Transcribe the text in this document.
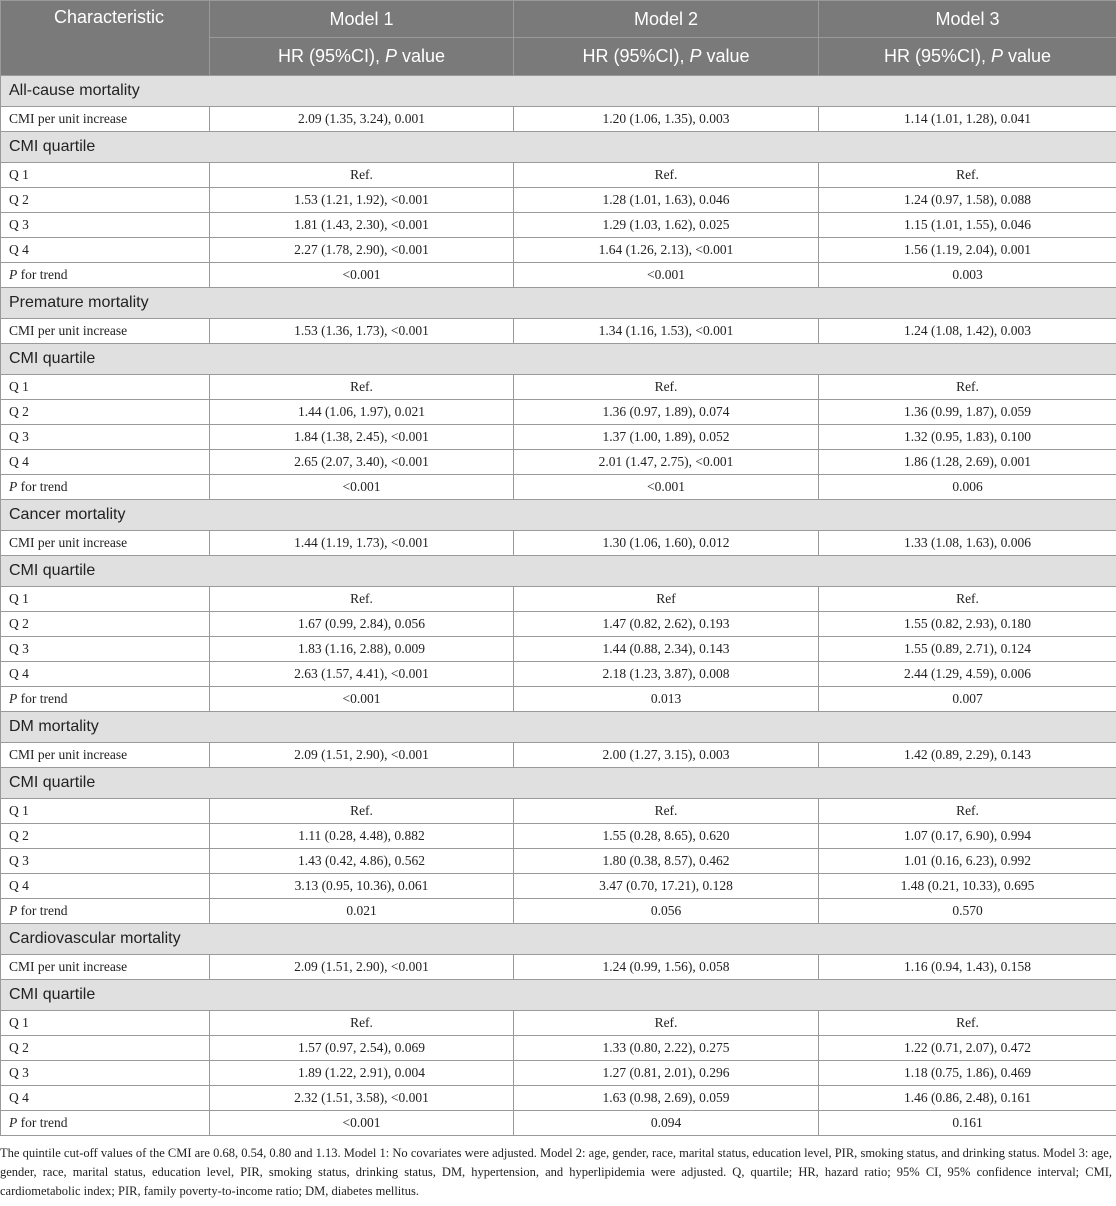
Characteristic	Model 1	Model 2	Model 3
	HR (95%CI), P value	HR (95%CI), P value	HR (95%CI), P value
All-cause mortality			
CMI per unit increase	2.09 (1.35, 3.24), 0.001	1.20 (1.06, 1.35), 0.003	1.14 (1.01, 1.28), 0.041
CMI quartile			
Q 1	Ref.	Ref.	Ref.
Q 2	1.53 (1.21, 1.92), <0.001	1.28 (1.01, 1.63), 0.046	1.24 (0.97, 1.58), 0.088
Q 3	1.81 (1.43, 2.30), <0.001	1.29 (1.03, 1.62), 0.025	1.15 (1.01, 1.55), 0.046
Q 4	2.27 (1.78, 2.90), <0.001	1.64 (1.26, 2.13), <0.001	1.56 (1.19, 2.04), 0.001
P for trend	<0.001	<0.001	0.003
Premature mortality			
CMI per unit increase	1.53 (1.36, 1.73), <0.001	1.34 (1.16, 1.53), <0.001	1.24 (1.08, 1.42), 0.003
CMI quartile			
Q 1	Ref.	Ref.	Ref.
Q 2	1.44 (1.06, 1.97), 0.021	1.36 (0.97, 1.89), 0.074	1.36 (0.99, 1.87), 0.059
Q 3	1.84 (1.38, 2.45), <0.001	1.37 (1.00, 1.89), 0.052	1.32 (0.95, 1.83), 0.100
Q 4	2.65 (2.07, 3.40), <0.001	2.01 (1.47, 2.75), <0.001	1.86 (1.28, 2.69), 0.001
P for trend	<0.001	<0.001	0.006
Cancer mortality			
CMI per unit increase	1.44 (1.19, 1.73), <0.001	1.30 (1.06, 1.60), 0.012	1.33 (1.08, 1.63), 0.006
CMI quartile			
Q 1	Ref.	Ref	Ref.
Q 2	1.67 (0.99, 2.84), 0.056	1.47 (0.82, 2.62), 0.193	1.55 (0.82, 2.93), 0.180
Q 3	1.83 (1.16, 2.88), 0.009	1.44 (0.88, 2.34), 0.143	1.55 (0.89, 2.71), 0.124
Q 4	2.63 (1.57, 4.41), <0.001	2.18 (1.23, 3.87), 0.008	2.44 (1.29, 4.59), 0.006
P for trend	<0.001	0.013	0.007
DM mortality			
CMI per unit increase	2.09 (1.51, 2.90), <0.001	2.00 (1.27, 3.15), 0.003	1.42 (0.89, 2.29), 0.143
CMI quartile			
Q 1	Ref.	Ref.	Ref.
Q 2	1.11 (0.28, 4.48), 0.882	1.55 (0.28, 8.65), 0.620	1.07 (0.17, 6.90), 0.994
Q 3	1.43 (0.42, 4.86), 0.562	1.80 (0.38, 8.57), 0.462	1.01 (0.16, 6.23), 0.992
Q 4	3.13 (0.95, 10.36), 0.061	3.47 (0.70, 17.21), 0.128	1.48 (0.21, 10.33), 0.695
P for trend	0.021	0.056	0.570
Cardiovascular mortality			
CMI per unit increase	2.09 (1.51, 2.90), <0.001	1.24 (0.99, 1.56), 0.058	1.16 (0.94, 1.43), 0.158
CMI quartile			
Q 1	Ref.	Ref.	Ref.
Q 2	1.57 (0.97, 2.54), 0.069	1.33 (0.80, 2.22), 0.275	1.22 (0.71, 2.07), 0.472
Q 3	1.89 (1.22, 2.91), 0.004	1.27 (0.81, 2.01), 0.296	1.18 (0.75, 1.86), 0.469
Q 4	2.32 (1.51, 3.58), <0.001	1.63 (0.98, 2.69), 0.059	1.46 (0.86, 2.48), 0.161
P for trend	<0.001	0.094	0.161
The quintile cut-off values of the CMI are 0.68, 0.54, 0.80 and 1.13. Model 1: No covariates were adjusted. Model 2: age, gender, race, marital status, education level, PIR, smoking status, and drinking status. Model 3: age, gender, race, marital status, education level, PIR, smoking status, drinking status, DM, hypertension, and hyperlipidemia were adjusted. Q, quartile; HR, hazard ratio; 95% CI, 95% confidence interval; CMI, cardiometabolic index; PIR, family poverty-to-income ratio; DM, diabetes mellitus.
